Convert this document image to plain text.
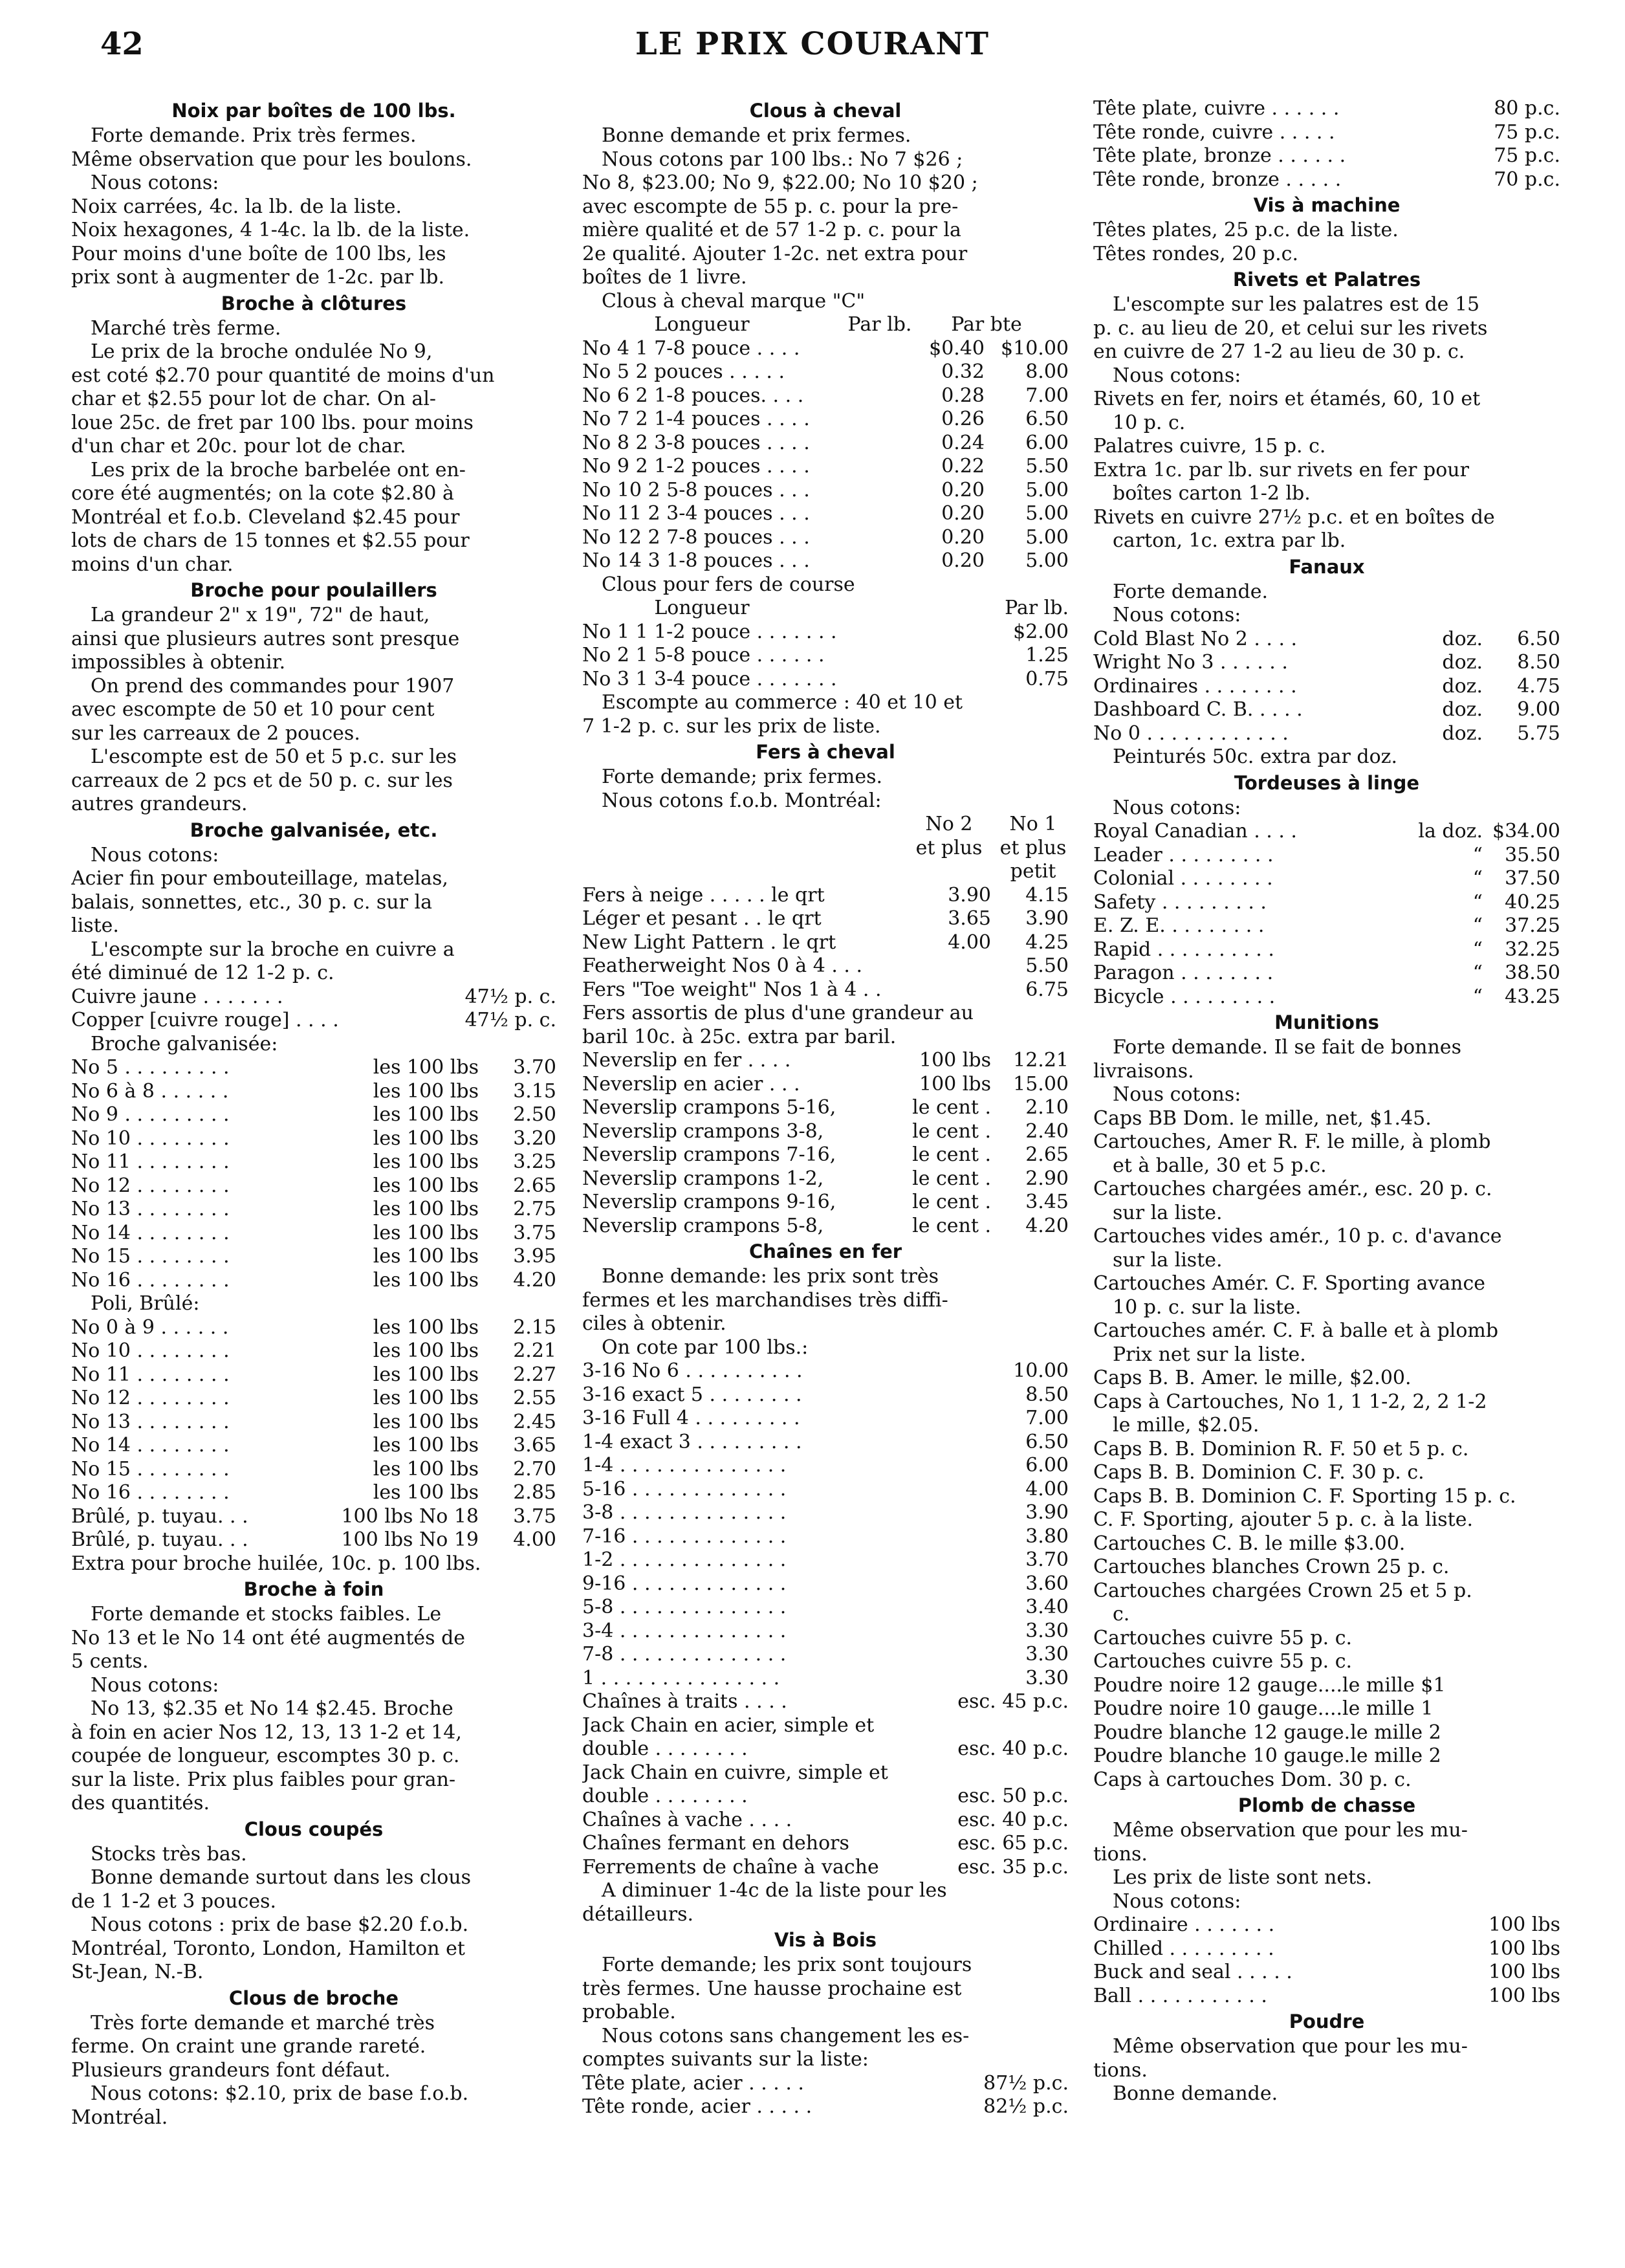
42	LE PRIX COURANT
Noix par boîtes de 100 lbs.
Forte demande. Prix très fermes.
Même observation que pour les boulons.
Nous cotons:
Noix carrées, 4c. la lb. de la liste.
Noix hexagones, 4 1-4c. la lb. de la liste.
Pour moins d'une boîte de 100 lbs, les
prix sont à augmenter de 1-2c. par lb.
Broche à clôtures
Marché très ferme.
Le prix de la broche ondulée No 9,
est coté $2.70 pour quantité de moins d'un
char et $2.55 pour lot de char. On al-
loue 25c. de fret par 100 lbs. pour moins
d'un char et 20c. pour lot de char.
Les prix de la broche barbelée ont en-
core été augmentés; on la cote $2.80 à
Montréal et f.o.b. Cleveland $2.45 pour
lots de chars de 15 tonnes et $2.55 pour
moins d'un char.
Broche pour poulaillers
La grandeur 2" x 19", 72" de haut,
ainsi que plusieurs autres sont presque
impossibles à obtenir.
On prend des commandes pour 1907
avec escompte de 50 et 10 pour cent
sur les carreaux de 2 pouces.
L'escompte est de 50 et 5 p.c. sur les
carreaux de 2 pcs et de 50 p. c. sur les
autres grandeurs.
Broche galvanisée, etc.
Nous cotons:
Acier fin pour embouteillage, matelas,
balais, sonnettes, etc., 30 p. c. sur la
liste.
L'escompte sur la broche en cuivre a
été diminué de 12 1-2 p. c.
Cuivre jaune . . . . . . .	47½ p. c.
Copper [cuivre rouge] . . . .	47½ p. c.
Broche galvanisée:
No 5 . . . . . . . . .	les 100 lbs	3.70
No 6 à 8 . . . . . .	les 100 lbs	3.15
No 9 . . . . . . . . .	les 100 lbs	2.50
No 10 . . . . . . . .	les 100 lbs	3.20
No 11 . . . . . . . .	les 100 lbs	3.25
No 12 . . . . . . . .	les 100 lbs	2.65
No 13 . . . . . . . .	les 100 lbs	2.75
No 14 . . . . . . . .	les 100 lbs	3.75
No 15 . . . . . . . .	les 100 lbs	3.95
No 16 . . . . . . . .	les 100 lbs	4.20
Poli, Brûlé:
No 0 à 9 . . . . . .	les 100 lbs	2.15
No 10 . . . . . . . .	les 100 lbs	2.21
No 11 . . . . . . . .	les 100 lbs	2.27
No 12 . . . . . . . .	les 100 lbs	2.55
No 13 . . . . . . . .	les 100 lbs	2.45
No 14 . . . . . . . .	les 100 lbs	3.65
No 15 . . . . . . . .	les 100 lbs	2.70
No 16 . . . . . . . .	les 100 lbs	2.85
Brûlé, p. tuyau. . .	100 lbs No 18	3.75
Brûlé, p. tuyau. . .	100 lbs No 19	4.00
Extra pour broche huilée, 10c. p. 100 lbs.
Broche à foin
Forte demande et stocks faibles. Le
No 13 et le No 14 ont été augmentés de
5 cents.
Nous cotons:
No 13, $2.35 et No 14 $2.45. Broche
à foin en acier Nos 12, 13, 13 1-2 et 14,
coupée de longueur, escomptes 30 p. c.
sur la liste. Prix plus faibles pour gran-
des quantités.
Clous coupés
Stocks très bas.
Bonne demande surtout dans les clous
de 1 1-2 et 3 pouces.
Nous cotons : prix de base $2.20 f.o.b.
Montréal, Toronto, London, Hamilton et
St-Jean, N.-B.
Clous de broche
Très forte demande et marché très
ferme. On craint une grande rareté.
Plusieurs grandeurs font défaut.
Nous cotons: $2.10, prix de base f.o.b.
Montréal.
Clous à cheval
Bonne demande et prix fermes.
Nous cotons par 100 lbs.: No 7 $26 ;
No 8, $23.00; No 9, $22.00; No 10 $20 ;
avec escompte de 55 p. c. pour la pre-
mière qualité et de 57 1-2 p. c. pour la
2e qualité. Ajouter 1-2c. net extra pour
boîtes de 1 livre.
Clous à cheval marque "C"
Longueur	Par lb.	Par bte
No 4 1 7-8 pouce . . . .	$0.40 $10.00
No 5 2 pouces . . . . .	0.32	8.00
No 6 2 1-8 pouces. . . .	0.28	7.00
No 7 2 1-4 pouces . . . .	0.26	6.50
No 8 2 3-8 pouces . . . .	0.24	6.00
No 9 2 1-2 pouces . . . .	0.22	5.50
No 10 2 5-8 pouces . . .	0.20	5.00
No 11 2 3-4 pouces . . .	0.20	5.00
No 12 2 7-8 pouces . . .	0.20	5.00
No 14 3 1-8 pouces . . .	0.20	5.00
Clous pour fers de course
Longueur	Par lb.
No 1 1 1-2 pouce . . . . . . .	$2.00
No 2 1 5-8 pouce . . . . . .	1.25
No 3 1 3-4 pouce . . . . . . .	0.75
Escompte au commerce : 40 et 10 et
7 1-2 p. c. sur les prix de liste.
Fers à cheval
Forte demande; prix fermes.
Nous cotons f.o.b. Montréal:
No 2	No 1
et plus et plus
petit
Fers à neige . . . . . le qrt	3.90	4.15
Léger et pesant . . le qrt	3.65	3.90
New Light Pattern . le qrt	4.00	4.25
Featherweight Nos 0 à 4 . . .	5.50
Fers "Toe weight" Nos 1 à 4 . .	6.75
Fers assortis de plus d'une grandeur au
baril 10c. à 25c. extra par baril.
Neverslip en fer . . . .	100 lbs	12.21
Neverslip en acier . . .	100 lbs	15.00
Neverslip crampons 5-16,	le cent .	2.10
Neverslip crampons 3-8,	le cent .	2.40
Neverslip crampons 7-16,	le cent .	2.65
Neverslip crampons 1-2,	le cent .	2.90
Neverslip crampons 9-16,	le cent .	3.45
Neverslip crampons 5-8,	le cent .	4.20
Chaînes en fer
Bonne demande: les prix sont très
fermes et les marchandises très diffi-
ciles à obtenir.
On cote par 100 lbs.:
3-16 No 6 . . . . . . . . . .	10.00
3-16 exact 5 . . . . . . . .	8.50
3-16 Full 4 . . . . . . . . .	7.00
1-4 exact 3 . . . . . . . . .	6.50
1-4 . . . . . . . . . . . . . .	6.00
5-16 . . . . . . . . . . . . .	4.00
3-8 . . . . . . . . . . . . . .	3.90
7-16 . . . . . . . . . . . . .	3.80
1-2 . . . . . . . . . . . . . .	3.70
9-16 . . . . . . . . . . . . .	3.60
5-8 . . . . . . . . . . . . . .	3.40
3-4 . . . . . . . . . . . . . .	3.30
7-8 . . . . . . . . . . . . . .	3.30
1 . . . . . . . . . . . . . . .	3.30
Chaînes à traits . . . .	esc. 45 p.c.
Jack Chain en acier, simple et
double . . . . . . . .	esc. 40 p.c.
Jack Chain en cuivre, simple et
double . . . . . . . .	esc. 50 p.c.
Chaînes à vache . . . .	esc. 40 p.c.
Chaînes fermant en dehors	esc. 65 p.c.
Ferrements de chaîne à vache	esc. 35 p.c.
A diminuer 1-4c de la liste pour les
détailleurs.
Vis à Bois
Forte demande; les prix sont toujours
très fermes. Une hausse prochaine est
probable.
Nous cotons sans changement les es-
comptes suivants sur la liste:
Tête plate, acier . . . . .	87½ p.c.
Tête ronde, acier . . . . .	82½ p.c.
Tête plate, cuivre . . . . . .	80 p.c.
Tête ronde, cuivre . . . . .	75 p.c.
Tête plate, bronze . . . . . .	75 p.c.
Tête ronde, bronze . . . . .	70 p.c.
Vis à machine
Têtes plates, 25 p.c. de la liste.
Têtes rondes, 20 p.c.
Rivets et Palatres
L'escompte sur les palatres est de 15
p. c. au lieu de 20, et celui sur les rivets
en cuivre de 27 1-2 au lieu de 30 p. c.
Nous cotons:
Rivets en fer, noirs et étamés, 60, 10 et
10 p. c.
Palatres cuivre, 15 p. c.
Extra 1c. par lb. sur rivets en fer pour
boîtes carton 1-2 lb.
Rivets en cuivre 27½ p.c. et en boîtes de
carton, 1c. extra par lb.
Fanaux
Forte demande.
Nous cotons:
Cold Blast No 2 . . . .	doz.	6.50
Wright No 3 . . . . . .	doz.	8.50
Ordinaires . . . . . . . .	doz.	4.75
Dashboard C. B. . . . .	doz.	9.00
No 0 . . . . . . . . . . . .	doz.	5.75
Peinturés 50c. extra par doz.
Tordeuses à linge
Nous cotons:
Royal Canadian . . . .	la doz. $34.00
Leader . . . . . . . . .	“	35.50
Colonial . . . . . . . .	“	37.50
Safety . . . . . . . . .	“	40.25
E. Z. E. . . . . . . . .	“	37.25
Rapid . . . . . . . . . .	“	32.25
Paragon . . . . . . . .	“	38.50
Bicycle . . . . . . . . .	“	43.25
Munitions
Forte demande. Il se fait de bonnes
livraisons.
Nous cotons:
Caps BB Dom. le mille, net, $1.45.
Cartouches, Amer R. F. le mille, à plomb
et à balle, 30 et 5 p.c.
Cartouches chargées amér., esc. 20 p. c.
sur la liste.
Cartouches vides amér., 10 p. c. d'avance
sur la liste.
Cartouches Amér. C. F. Sporting avance
10 p. c. sur la liste.
Cartouches amér. C. F. à balle et à plomb
Prix net sur la liste.
Caps B. B. Amer. le mille, $2.00.
Caps à Cartouches, No 1, 1 1-2, 2, 2 1-2
le mille, $2.05.
Caps B. B. Dominion R. F. 50 et 5 p. c.
Caps B. B. Dominion C. F. 30 p. c.
Caps B. B. Dominion C. F. Sporting 15 p. c.
C. F. Sporting, ajouter 5 p. c. à la liste.
Cartouches C. B. le mille $3.00.
Cartouches blanches Crown 25 p. c.
Cartouches chargées Crown 25 et 5 p.
c.
Cartouches cuivre 55 p. c.
Cartouches cuivre 55 p. c.
Poudre noire 12 gauge....le mille $1
Poudre noire 10 gauge....le mille 1
Poudre blanche 12 gauge.le mille 2
Poudre blanche 10 gauge.le mille 2
Caps à cartouches Dom. 30 p. c.
Plomb de chasse
Même observation que pour les mu-
tions.
Les prix de liste sont nets.
Nous cotons:
Ordinaire . . . . . . .	100 lbs
Chilled . . . . . . . . .	100 lbs
Buck and seal . . . . .	100 lbs
Ball . . . . . . . . . . .	100 lbs
Poudre
Même observation que pour les mu-
tions.
Bonne demande.
